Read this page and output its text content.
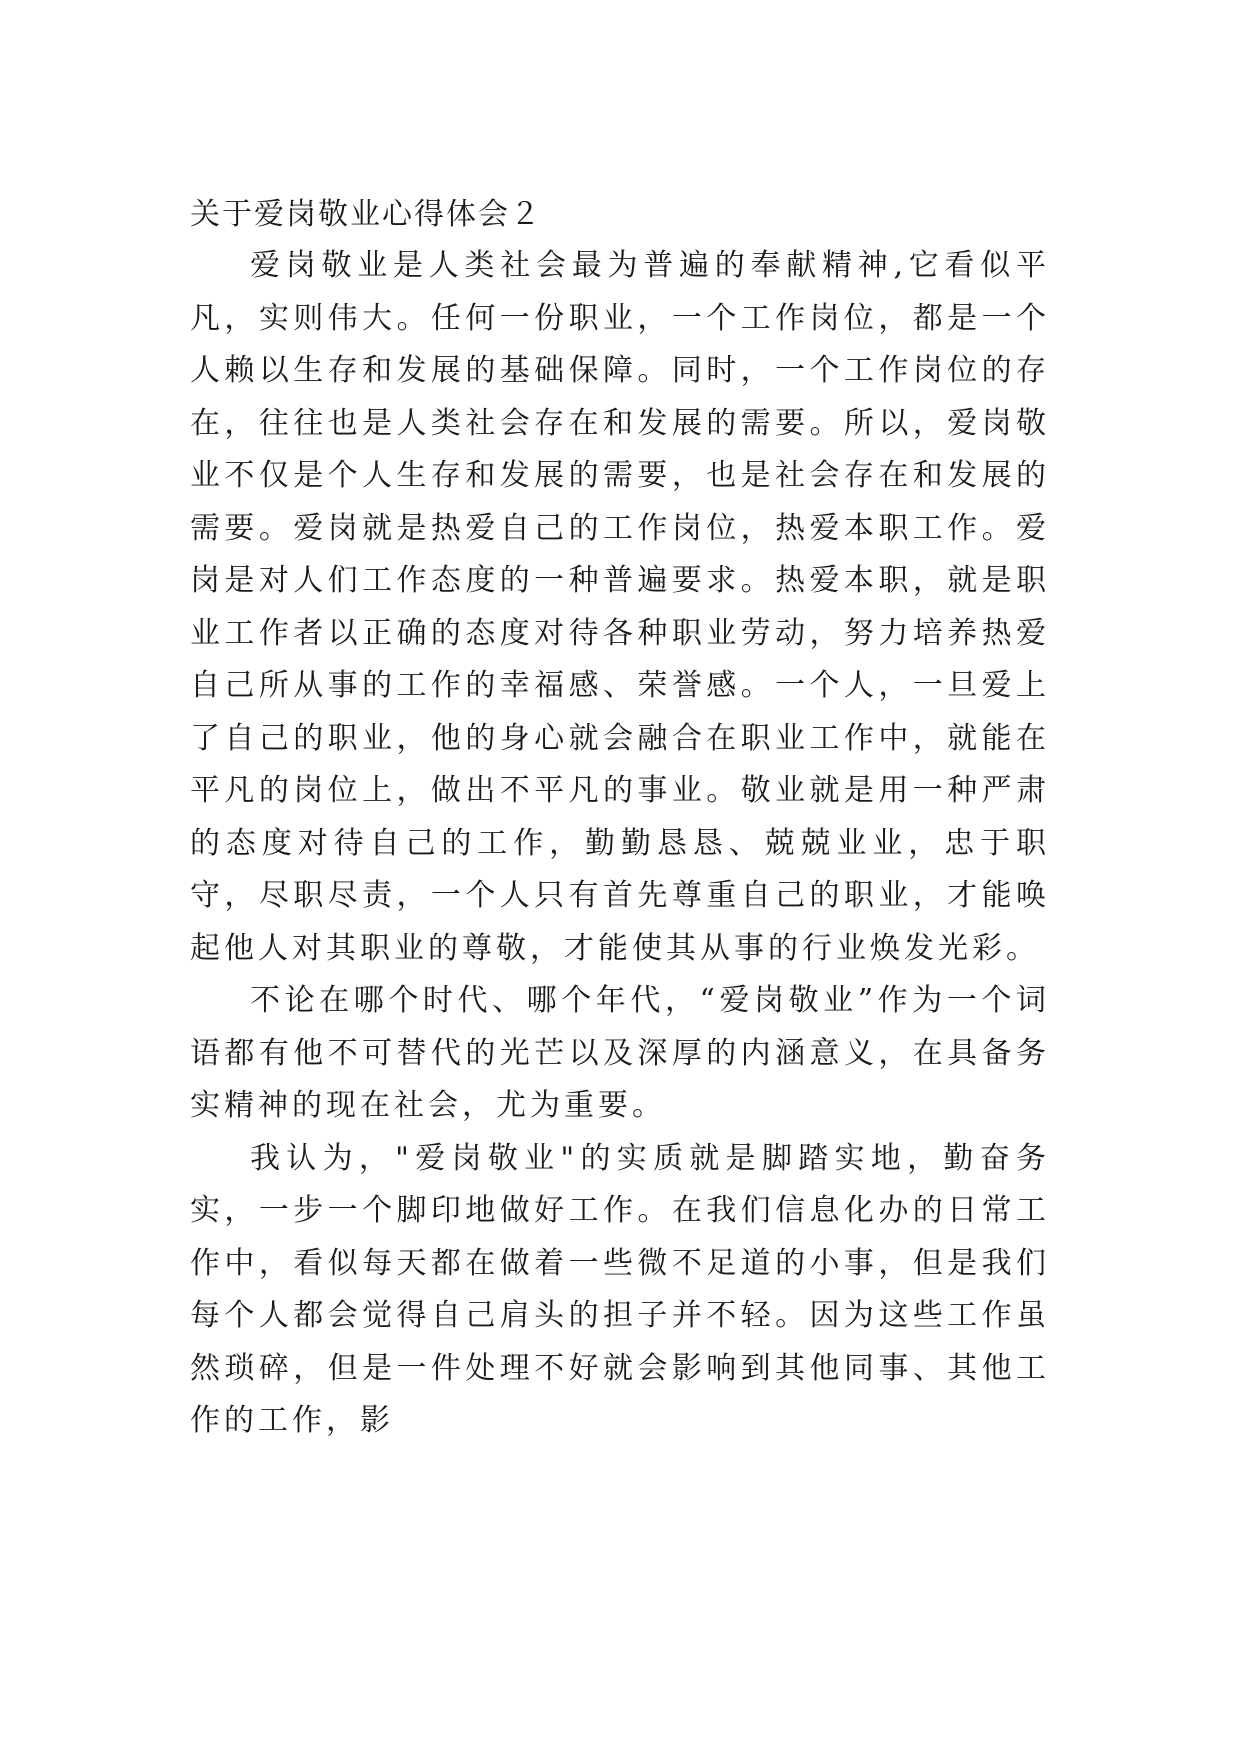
关于爱岗敬业心得体会２

爱岗敬业是人类社会最为普遍的奉献精神,它看似平凡，实则伟大。任何一份职业，一个工作岗位，都是一个人赖以生存和发展的基础保障。同时，一个工作岗位的存在，往往也是人类社会存在和发展的需要。所以，爱岗敬业不仅是个人生存和发展的需要，也是社会存在和发展的需要。爱岗就是热爱自己的工作岗位，热爱本职工作。爱岗是对人们工作态度的一种普遍要求。热爱本职，就是职业工作者以正确的态度对待各种职业劳动，努力培养热爱自己所从事的工作的幸福感、荣誉感。一个人，一旦爱上了自己的职业，他的身心就会融合在职业工作中，就能在平凡的岗位上，做出不平凡的事业。敬业就是用一种严肃的态度对待自己的工作，勤勤恳恳、兢兢业业，忠于职守，尽职尽责，一个人只有首先尊重自己的职业，才能唤起他人对其职业的尊敬，才能使其从事的行业焕发光彩。

不论在哪个时代、哪个年代，“爱岗敬业”作为一个词语都有他不可替代的光芒以及深厚的内涵意义，在具备务实精神的现在社会，尤为重要。

我认为，"爱岗敬业"的实质就是脚踏实地，勤奋务实，一步一个脚印地做好工作。在我们信息化办的日常工作中，看似每天都在做着一些微不足道的小事，但是我们每个人都会觉得自己肩头的担子并不轻。因为这些工作虽然琐碎，但是一件处理不好就会影响到其他同事、其他工作的工作，影
